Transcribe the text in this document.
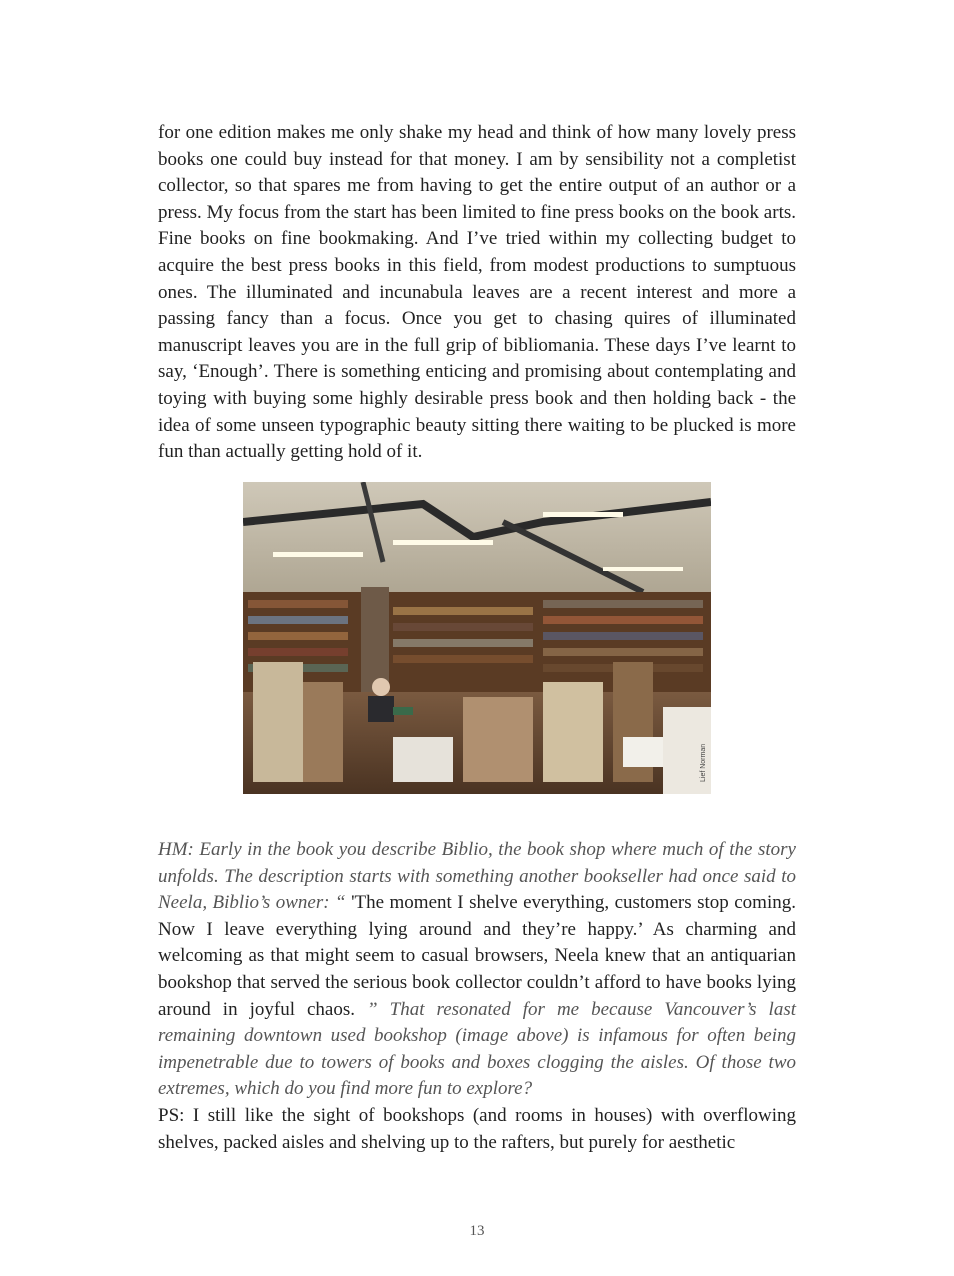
for one edition makes me only shake my head and think of how many lovely press books one could buy instead for that money. I am by sensibility not a completist collector, so that spares me from having to get the entire output of an author or a press. My focus from the start has been limited to fine press books on the book arts. Fine books on fine bookmaking. And I’ve tried within my collecting budget to acquire the best press books in this field, from modest productions to sumptuous ones. The illuminated and incunabula leaves are a recent interest and more a passing fancy than a focus. Once you get to chasing quires of illuminated manuscript leaves you are in the full grip of bibliomania. These days I’ve learnt to say, ‘Enough’. There is something enticing and promising about contemplating and toying with buying some highly desirable press book and then holding back - the idea of some unseen typographic beauty sitting there waiting to be plucked is more fun than actually getting hold of it.

Lief Norman

HM: Early in the book you describe Biblio, the book shop where much of the story unfolds. The description starts with something another bookseller had once said to Neela, Biblio’s owner: “ 'The moment I shelve everything, customers stop coming. Now I leave everything lying around and they’re happy.’ As charming and welcoming as that might seem to casual browsers, Neela knew that an antiquarian bookshop that served the serious book collector couldn’t afford to have books lying around in joyful chaos. ” That resonated for me because Vancouver’s last remaining downtown used bookshop (image above) is infamous for often being impenetrable due to towers of books and boxes clogging the aisles. Of those two extremes, which do you find more fun to explore?

PS: I still like the sight of bookshops (and rooms in houses) with overflowing shelves, packed aisles and shelving up to the rafters, but purely for aesthetic

13
